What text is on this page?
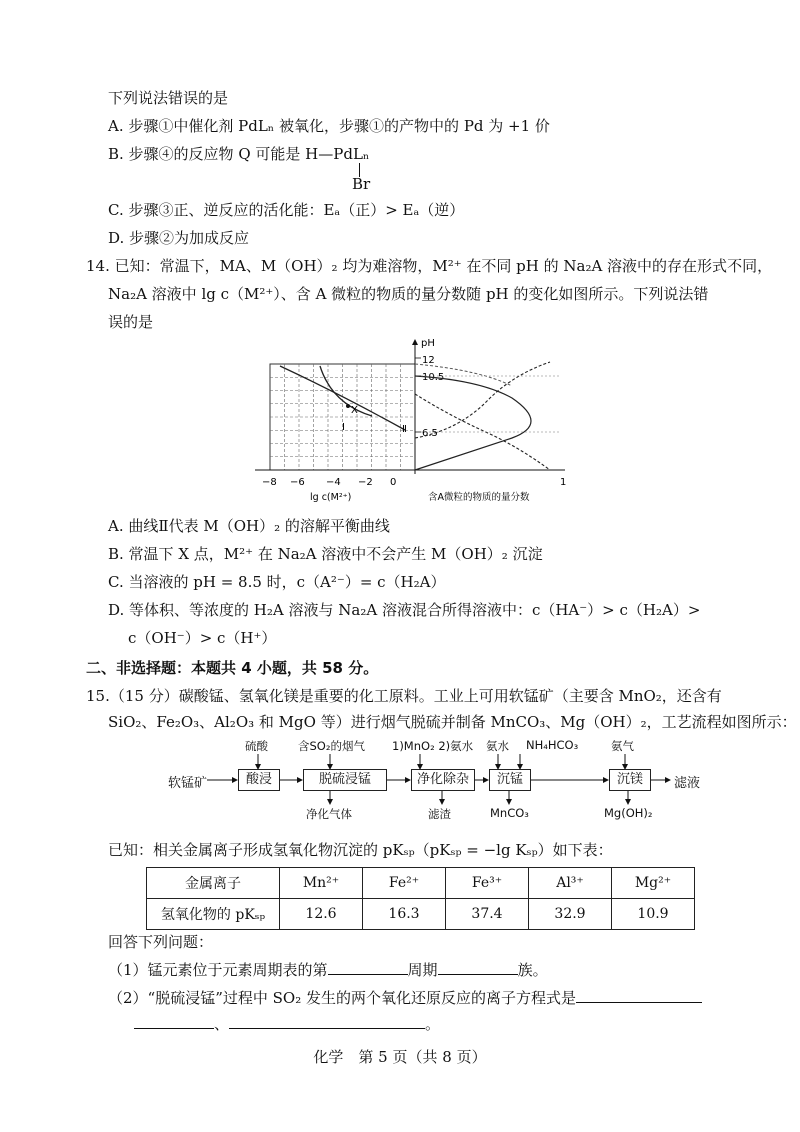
下列说法错误的是
A. 步骤①中催化剂 PdLₙ 被氧化，步骤①的产物中的 Pd 为 +1 价
B. 步骤④的反应物 Q 可能是 H—PdLₙ
Br
C. 步骤③正、逆反应的活化能：Eₐ（正）> Eₐ（逆）
D. 步骤②为加成反应
14. 已知：常温下，MA、M（OH）₂ 均为难溶物，M²⁺ 在不同 pH 的 Na₂A 溶液中的存在形式不同，
Na₂A 溶液中 lg c（M²⁺）、含 A 微粒的物质的量分数随 pH 的变化如图所示。下列说法错
误的是
pH
12
10.5
6.5
X
Ⅰ	Ⅱ
−8 −6 −4 −2 0	1
lg c(M²⁺)	含A微粒的物质的量分数
A. 曲线Ⅱ代表 M（OH）₂ 的溶解平衡曲线
B. 常温下 X 点，M²⁺ 在 Na₂A 溶液中不会产生 M（OH）₂ 沉淀
C. 当溶液的 pH = 8.5 时，c（A²⁻）= c（H₂A）
D. 等体积、等浓度的 H₂A 溶液与 Na₂A 溶液混合所得溶液中：c（HA⁻）> c（H₂A）>
c（OH⁻）> c（H⁺）
二、非选择题：本题共 4 小题，共 58 分。
15.（15 分）碳酸锰、氢氧化镁是重要的化工原料。工业上可用软锰矿（主要含 MnO₂，还含有
SiO₂、Fe₂O₃、Al₂O₃ 和 MgO 等）进行烟气脱硫并制备 MnCO₃、Mg（OH）₂，工艺流程如图所示：
软锰矿	酸浸	脱硫浸锰	净化除杂	沉锰	沉镁	滤液
硫酸	含SO₂的烟气 1)MnO₂ 2)氨水 氨水 NH₄HCO₃	氨气
净化气体	滤渣	MnCO₃	Mg(OH)₂
已知：相关金属离子形成氢氧化物沉淀的 pKₛₚ（pKₛₚ = −lg Kₛₚ）如下表：
金属离子	Mn²⁺	Fe²⁺	Fe³⁺	Al³⁺	Mg²⁺
氢氧化物的 pKₛₚ	12.6	16.3	37.4	32.9	10.9
回答下列问题：
（1）锰元素位于元素周期表的第	周期	族。
（2）“脱硫浸锰”过程中 SO₂ 发生的两个氧化还原反应的离子方程式是
、	。
化学　第 5 页（共 8 页）
